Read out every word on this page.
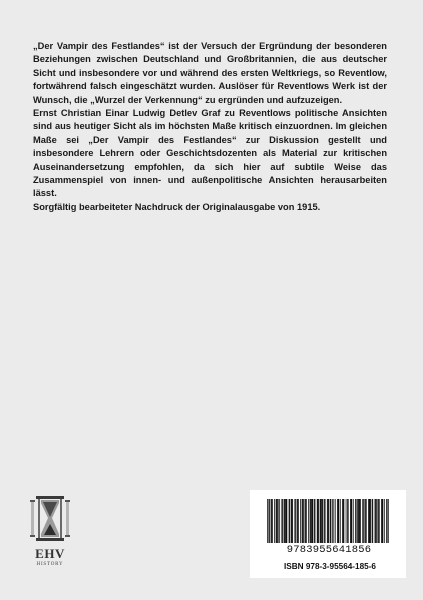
„Der Vampir des Festlandes“ ist der Versuch der Ergründung der besonderen Beziehungen zwischen Deutschland und Großbritannien, die aus deutscher Sicht und insbesondere vor und während des ersten Weltkriegs, so Reventlow, fortwährend falsch eingeschätzt wurden. Auslöser für Reventlows Werk ist der Wunsch, die „Wurzel der Verkennung“ zu ergründen und aufzuzeigen.

Ernst Christian Einar Ludwig Detlev Graf zu Reventlows politische Ansichten sind aus heutiger Sicht als im höchsten Maße kritisch einzuordnen. Im gleichen Maße sei „Der Vampir des Festlandes“ zur Diskussion gestellt und insbesondere Lehrern oder Geschichtsdozenten als Material zur kritischen Auseinandersetzung empfohlen, da sich hier auf subtile Weise das Zusammenspiel von innen- und außenpolitische Ansichten herausarbeiten lässt.

Sorgfältig bearbeiteter Nachdruck der Originalausgabe von 1915.

EHV
HISTORY
9783955641856
ISBN 978-3-95564-185-6
